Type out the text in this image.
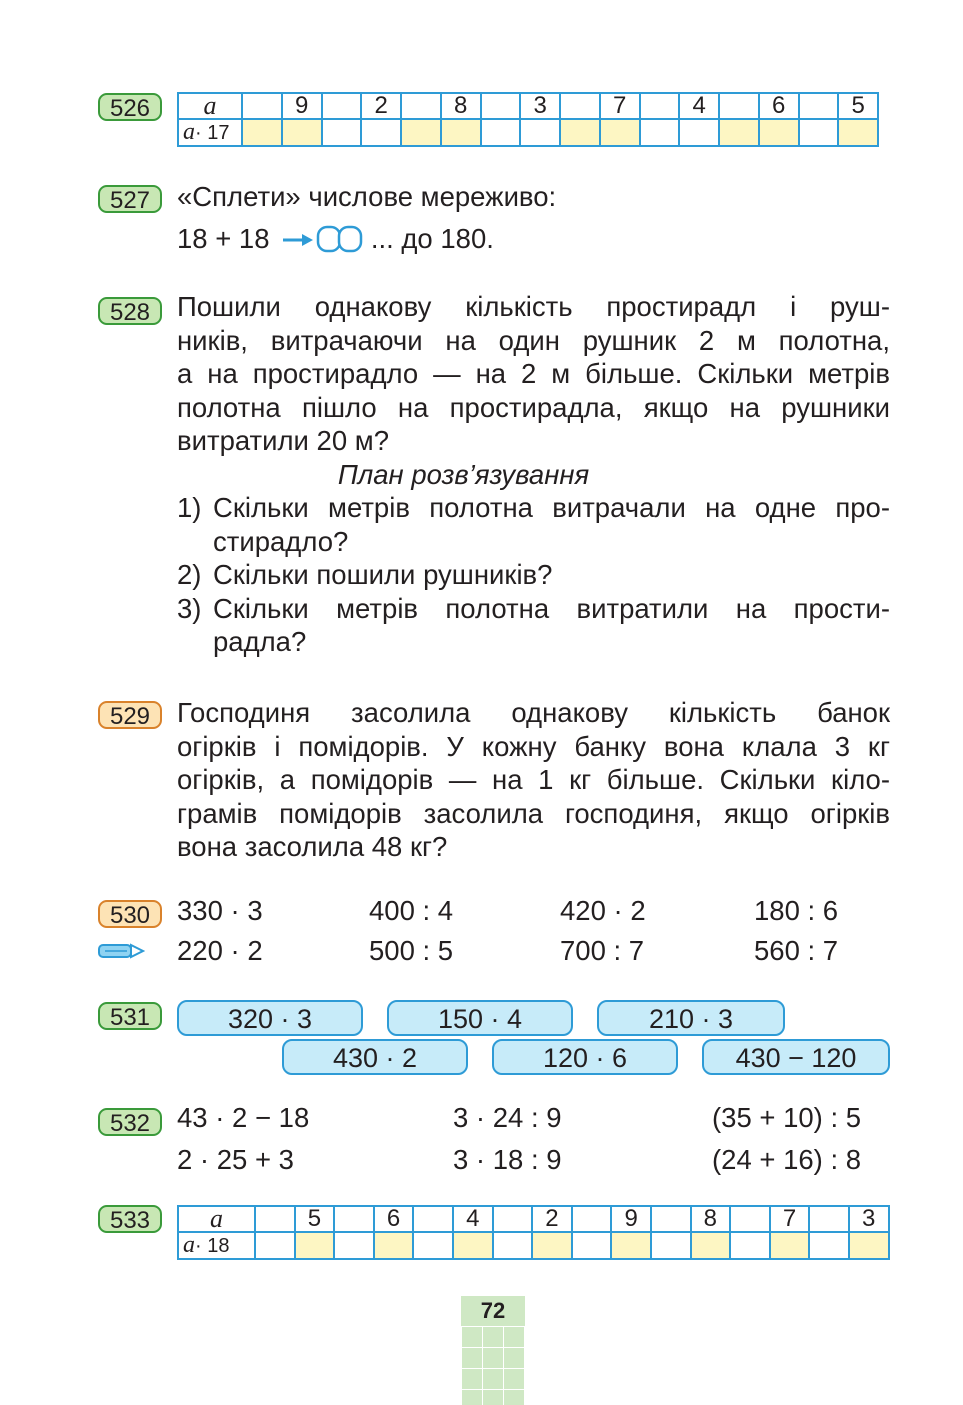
526	a		9		2		8		3		7		4		6		5
a· 17																
527 «Сплети» числове мереживо:
18 + 18	... до 180.
528 Пошили однакову кількість простирадл і руш-
ників, витрачаючи на один рушник 2 м полотна,
а на простирадло — на 2 м більше. Скільки метрів
полотна пішло на простирадла, якщо на рушники
витратили 20 м?
План розв’язування
1) Скільки метрів полотна витрачали на одне про-
стирадло?
2) Скільки пошили рушників?
3) Скільки метрів полотна витратили на прости-
радла?
529 Господиня засолила однакову кількість банок
огірків і помідорів. У кожну банку вона клала 3 кг
огірків, а помідорів — на 1 кг більше. Скільки кіло-
грамів помідорів засолила господиня, якщо огірків
вона засолила 48 кг?
530 330 · 3	400 : 4	420 · 2	180 : 6
220 · 2	500 : 5	700 : 7	560 : 7
531	320 · 3	150 · 4	210 · 3
430 · 2	120 · 6	430 − 120
532 43 · 2 − 18	3 · 24 : 9	(35 + 10) : 5
2 · 25 + 3	3 · 18 : 9	(24 + 16) : 8
533	a		5		6		4		2		9		8		7		3
a· 18																
72
